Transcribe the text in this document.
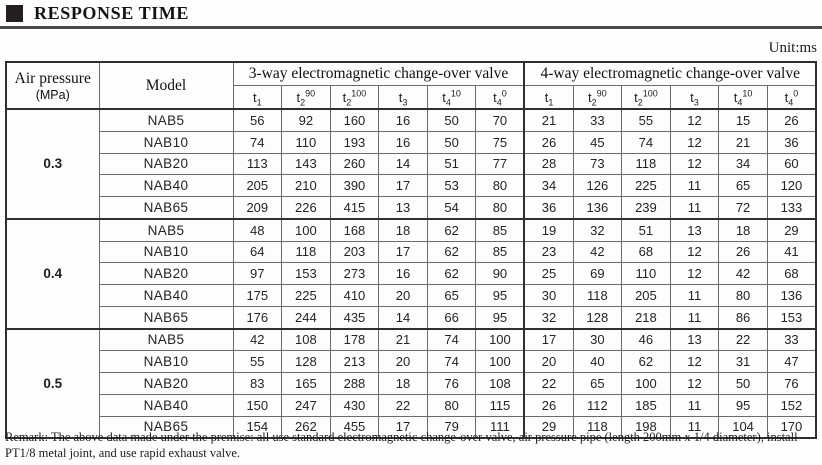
RESPONSE TIME
Unit:ms
Air pressure
(MPa)	Model	3-way electromagnetic change-over valve						4-way electromagnetic change-over valve					
		$t_1$	$t_2^{90}$	$t_2^{100}$	$t_3$	$t_4^{10}$	$t_4^0$	$t_1$	$t_2^{90}$	$t_2^{100}$	$t_3$	$t_4^{10}$	$t_4^0$
0.3	NAB5	56	92	160	16	50	70	21	33	55	12	15	26
	NAB10	74	110	193	16	50	75	26	45	74	12	21	36
	NAB20	113	143	260	14	51	77	28	73	118	12	34	60
	NAB40	205	210	390	17	53	80	34	126	225	11	65	120
	NAB65	209	226	415	13	54	80	36	136	239	11	72	133
0.4	NAB5	48	100	168	18	62	85	19	32	51	13	18	29
	NAB10	64	118	203	17	62	85	23	42	68	12	26	41
	NAB20	97	153	273	16	62	90	25	69	110	12	42	68
	NAB40	175	225	410	20	65	95	30	118	205	11	80	136
	NAB65	176	244	435	14	66	95	32	128	218	11	86	153
0.5	NAB5	42	108	178	21	74	100	17	30	46	13	22	33
	NAB10	55	128	213	20	74	100	20	40	62	12	31	47
	NAB20	83	165	288	18	76	108	22	65	100	12	50	76
	NAB40	150	247	430	22	80	115	26	112	185	11	95	152
	NAB65	154	262	455	17	79	111	29	118	198	11	104	170

Remark: The above data made under the premise: all use standard electromagnetic change-over valve, air pressure pipe (length 200mm x 1/4 diameter), install PT1/8 metal joint, and use rapid exhaust valve.
